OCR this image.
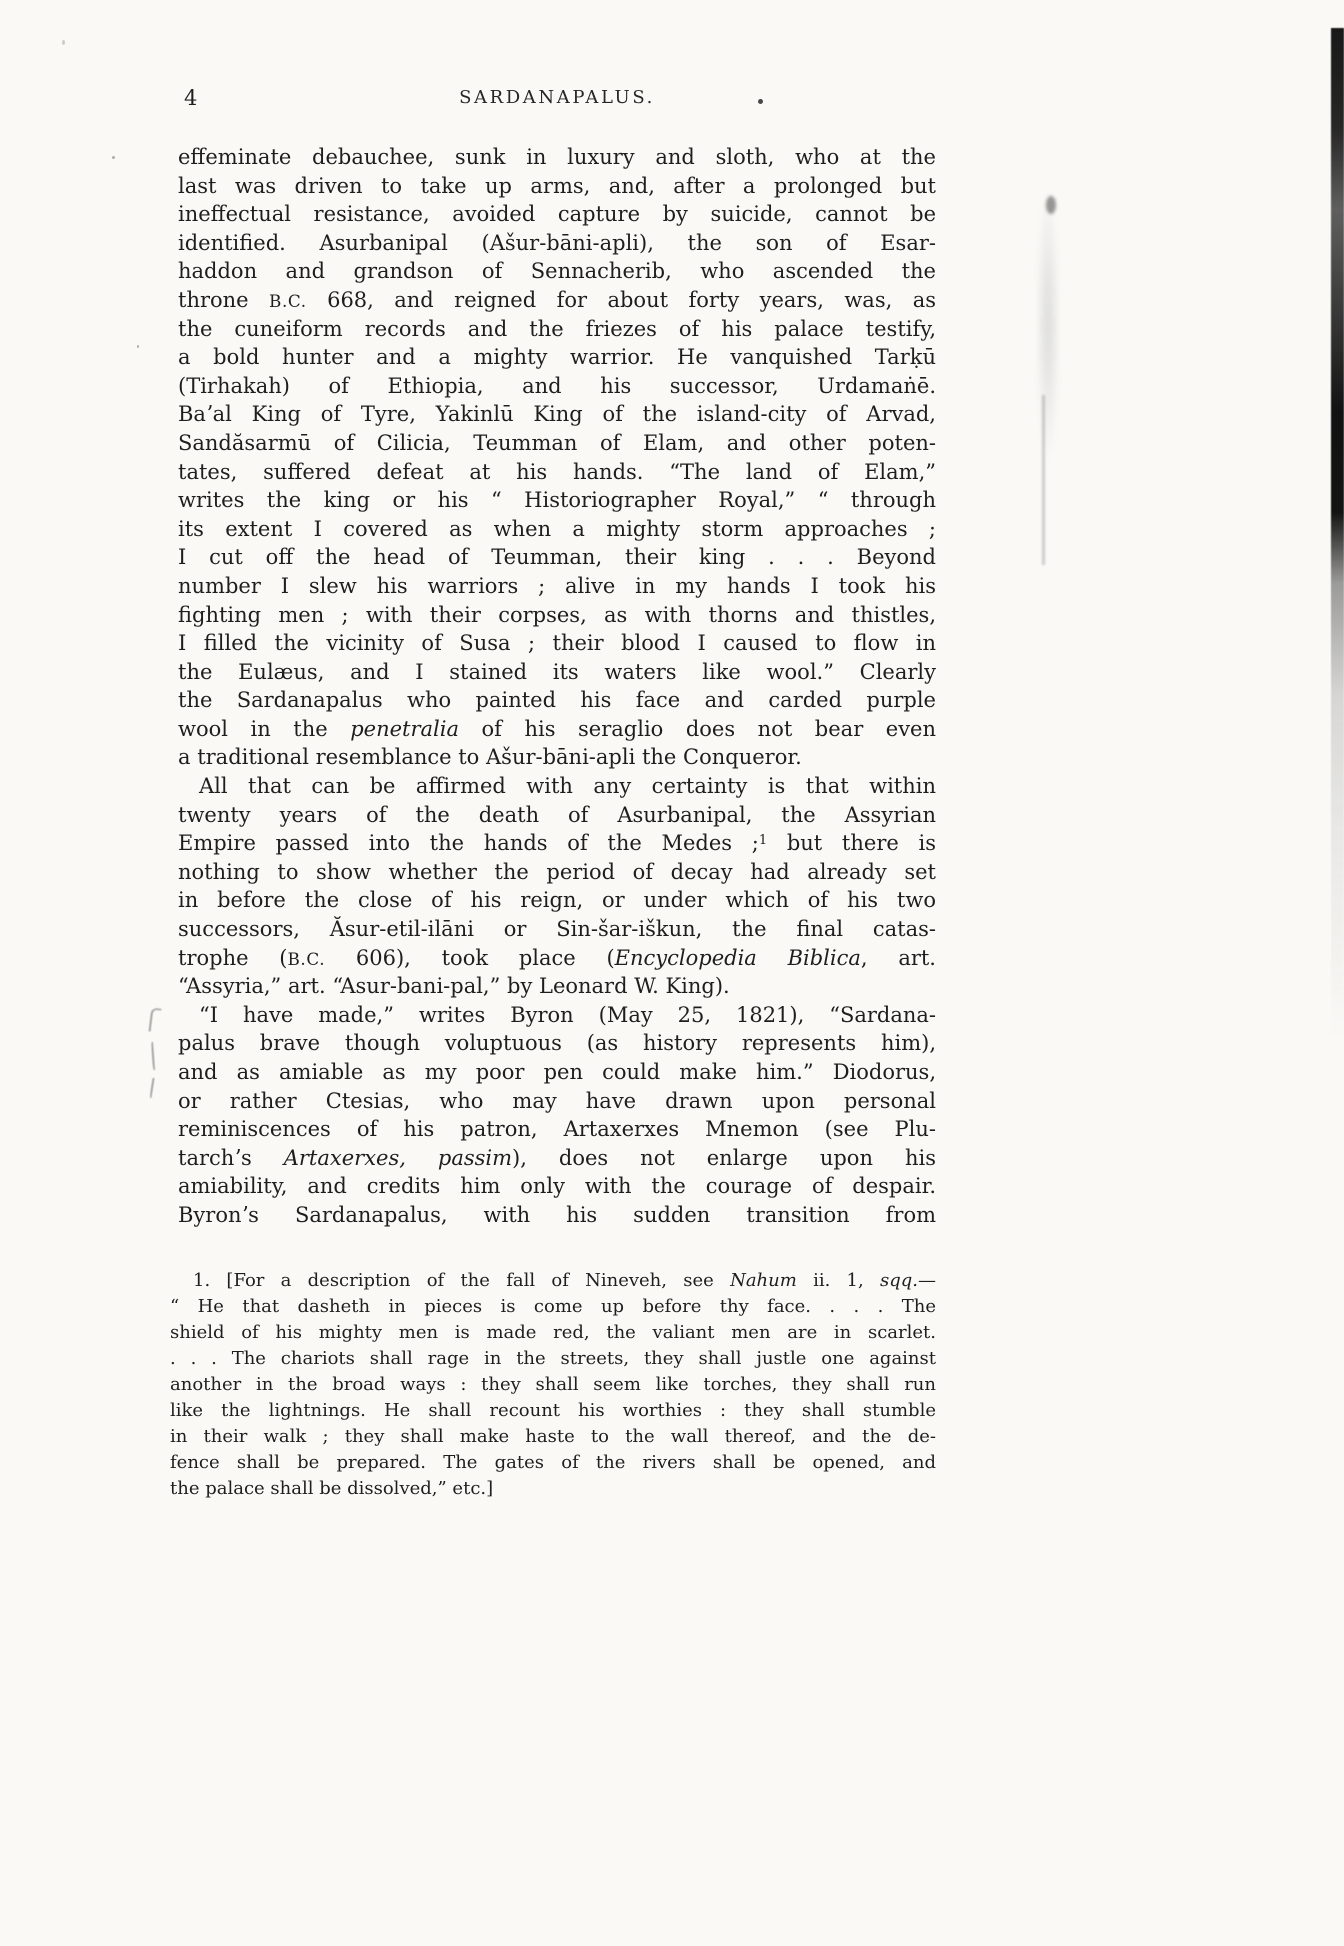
4	SARDANAPALUS.
effeminate debauchee, sunk in luxury and sloth, who at the
last was driven to take up arms, and, after a prolonged but
ineffectual resistance, avoided capture by suicide, cannot be
identified. Asurbanipal (Ašur-bāni-apli), the son of Esar-
haddon and grandson of Sennacherib, who ascended the
throne B.C. 668, and reigned for about forty years, was, as
the cuneiform records and the friezes of his palace testify,
a bold hunter and a mighty warrior. He vanquished Tarḳū
(Tirhakah) of Ethiopia, and his successor, Urdamaṅē.
Baʼal King of Tyre, Yakinlū King of the island-city of Arvad,
Sandăsarmū of Cilicia, Teumman of Elam, and other poten-
tates, suffered defeat at his hands. “The land of Elam,”
writes the king or his “ Historiographer Royal,” “ through
its extent I covered as when a mighty storm approaches ;
I cut off the head of Teumman, their king . . . Beyond
number I slew his warriors ; alive in my hands I took his
fighting men ; with their corpses, as with thorns and thistles,
I filled the vicinity of Susa ; their blood I caused to flow in
the Eulæus, and I stained its waters like wool.” Clearly
the Sardanapalus who painted his face and carded purple
wool in the penetralia of his seraglio does not bear even
a traditional resemblance to Ašur-bāni-apli the Conqueror.
All that can be affirmed with any certainty is that within
twenty years of the death of Asurbanipal, the Assyrian
Empire passed into the hands of the Medes ;$^1$ but there is
nothing to show whether the period of decay had already set
in before the close of his reign, or under which of his two
successors, Ăsur-etil-ilāni or Sin-šar-iškun, the final catas-
trophe (B.C. 606), took place (Encyclopedia Biblica, art.
“Assyria,” art. “Asur-bani-pal,” by Leonard W. King).
“I have made,” writes Byron (May 25, 1821), “Sardana-
palus brave though voluptuous (as history represents him),
and as amiable as my poor pen could make him.” Diodorus,
or rather Ctesias, who may have drawn upon personal
reminiscences of his patron, Artaxerxes Mnemon (see Plu-
tarchʼs Artaxerxes, passim), does not enlarge upon his
amiability, and credits him only with the courage of despair.
Byronʼs Sardanapalus, with his sudden transition from
1. [For a description of the fall of Nineveh, see Nahum ii. 1, sqq.—
“ He that dasheth in pieces is come up before thy face. . . . The
shield of his mighty men is made red, the valiant men are in scarlet.
. . . The chariots shall rage in the streets, they shall justle one against
another in the broad ways : they shall seem like torches, they shall run
like the lightnings. He shall recount his worthies : they shall stumble
in their walk ; they shall make haste to the wall thereof, and the de-
fence shall be prepared. The gates of the rivers shall be opened, and
the palace shall be dissolved,” etc.]
